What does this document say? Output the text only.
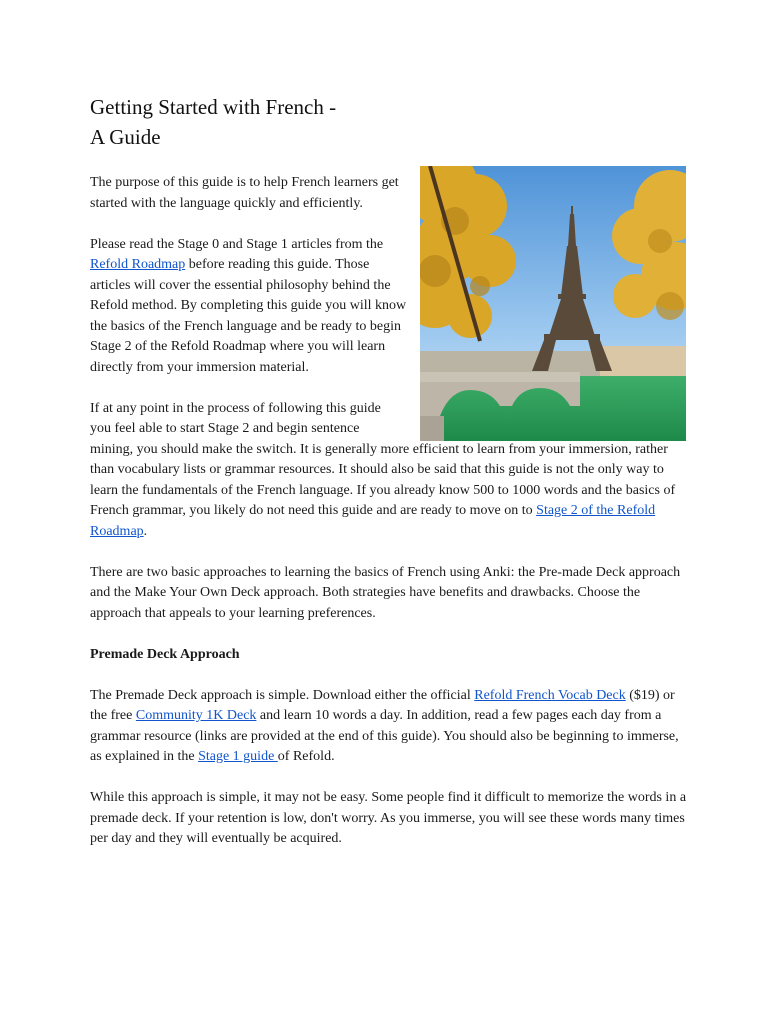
Getting Started with French -
A Guide

The purpose of this guide is to help French learners get started with the language quickly and efficiently.

Please read the Stage 0 and Stage 1 articles from the Refold Roadmap before reading this guide. Those articles will cover the essential philosophy behind the Refold method. By completing this guide you will know the basics of the French language and be ready to begin Stage 2 of the Refold Roadmap where you will learn directly from your immersion material.

If at any point in the process of following this guide
you feel able to start Stage 2 and begin sentence
mining, you should make the switch. It is generally more efficient to learn from your immersion, rather than vocabulary lists or grammar resources. It should also be said that this guide is not the only way to learn the fundamentals of the French language. If you already know 500 to 1000 words and the basics of French grammar, you likely do not need this guide and are ready to move on to Stage 2 of the Refold Roadmap.

There are two basic approaches to learning the basics of French using Anki: the Pre-made Deck approach and the Make Your Own Deck approach. Both strategies have benefits and drawbacks. Choose the approach that appeals to your learning preferences.

Premade Deck Approach

The Premade Deck approach is simple. Download either the official Refold French Vocab Deck ($19) or the free Community 1K Deck and learn 10 words a day. In addition, read a few pages each day from a grammar resource (links are provided at the end of this guide). You should also be beginning to immerse, as explained in the Stage 1 guide of Refold.

While this approach is simple, it may not be easy. Some people find it difficult to memorize the words in a premade deck. If your retention is low, don't worry. As you immerse, you will see these words many times per day and they will eventually be acquired.
